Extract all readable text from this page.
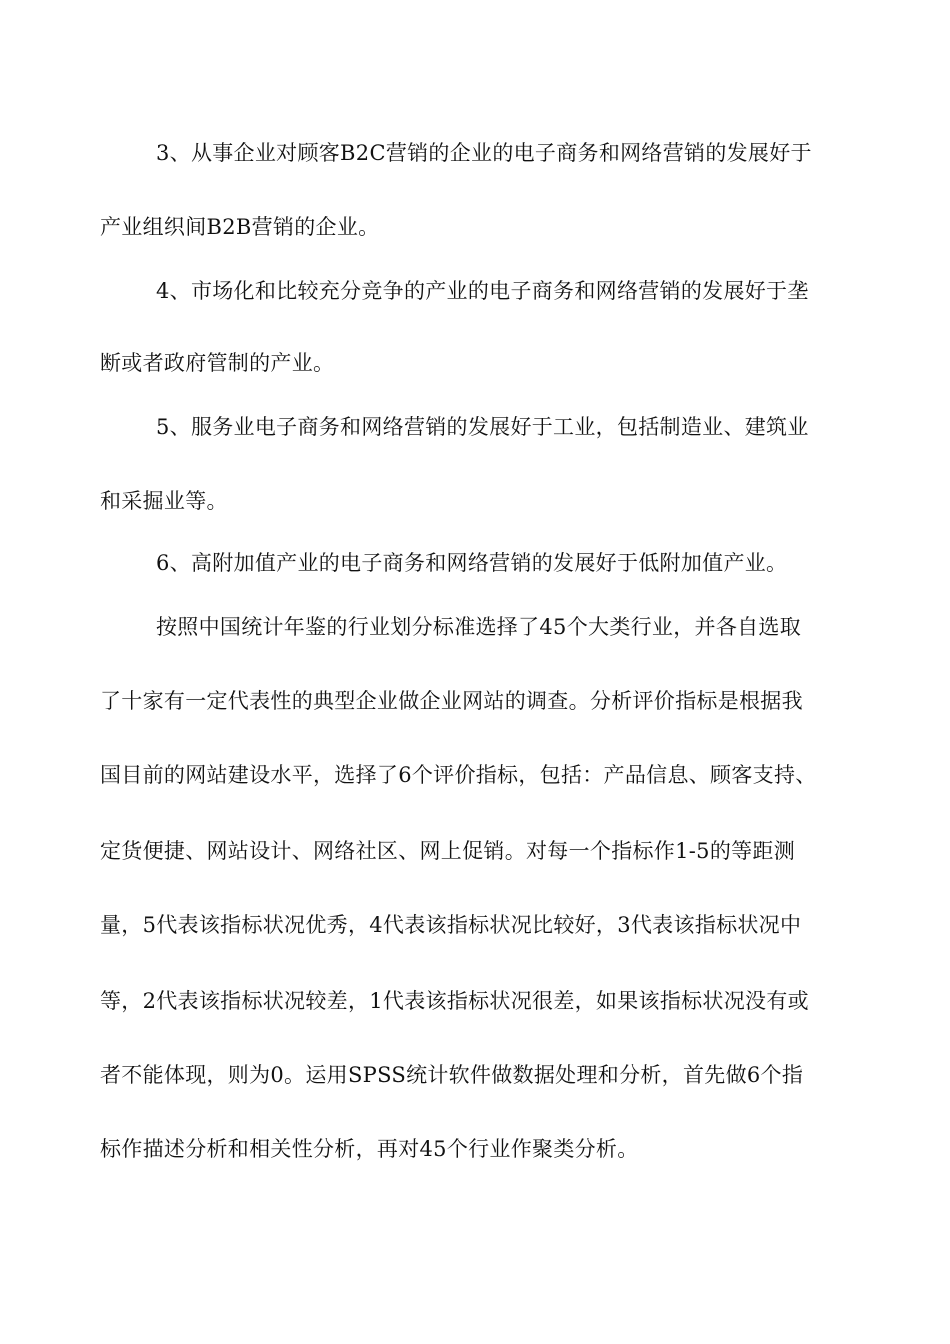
3、从事企业对顾客B2C营销的企业的电子商务和网络营销的发展好于
产业组织间B2B营销的企业。
4、市场化和比较充分竞争的产业的电子商务和网络营销的发展好于垄
断或者政府管制的产业。
5、服务业电子商务和网络营销的发展好于工业，包括制造业、建筑业
和采掘业等。
6、高附加值产业的电子商务和网络营销的发展好于低附加值产业。
按照中国统计年鉴的行业划分标准选择了45个大类行业，并各自选取
了十家有一定代表性的典型企业做企业网站的调查。分析评价指标是根据我
国目前的网站建设水平，选择了6个评价指标，包括：产品信息、顾客支持、
定货便捷、网站设计、网络社区、网上促销。对每一个指标作1-5的等距测
量，5代表该指标状况优秀，4代表该指标状况比较好，3代表该指标状况中
等，2代表该指标状况较差，1代表该指标状况很差，如果该指标状况没有或
者不能体现，则为0。运用SPSS统计软件做数据处理和分析，首先做6个指
标作描述分析和相关性分析，再对45个行业作聚类分析。
